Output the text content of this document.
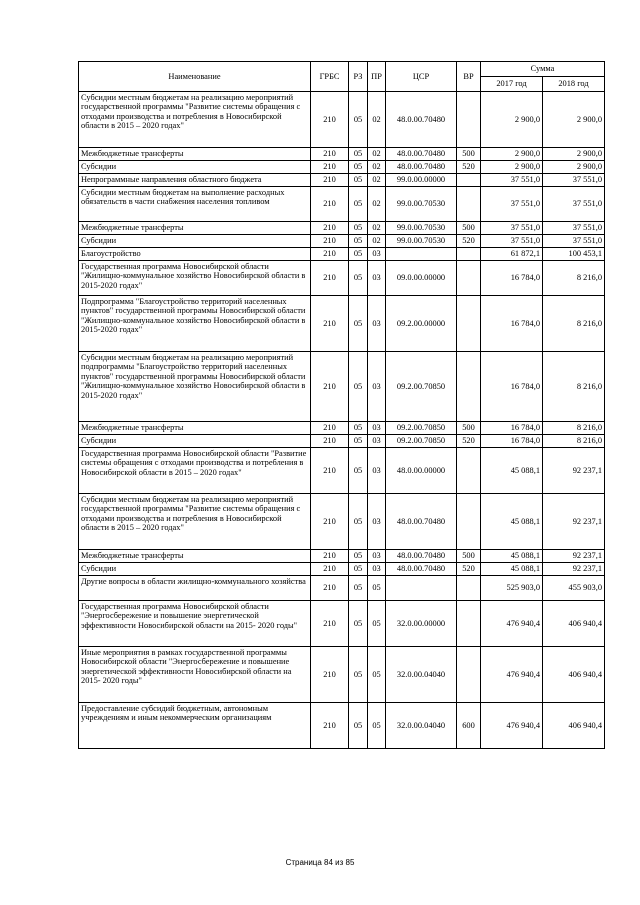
Наименование	ГРБС	РЗ	ПР	ЦСР	ВР	Сумма	
						2017 год	2018 год
Субсидии местным бюджетам на реализацию мероприятий государственной программы "Развитие системы обращения с отходами производства и потребления в Новосибирской области в 2015 – 2020 годах"	210	05	02	48.0.00.70480		2 900,0	2 900,0
Межбюджетные трансферты	210	05	02	48.0.00.70480	500	2 900,0	2 900,0
Субсидии	210	05	02	48.0.00.70480	520	2 900,0	2 900,0
Непрограммные направления областного бюджета	210	05	02	99.0.00.00000		37 551,0	37 551,0
Субсидии местным бюджетам на выполнение расходных обязательств в части снабжения населения топливом	210	05	02	99.0.00.70530		37 551,0	37 551,0
Межбюджетные трансферты	210	05	02	99.0.00.70530	500	37 551,0	37 551,0
Субсидии	210	05	02	99.0.00.70530	520	37 551,0	37 551,0
Благоустройство	210	05	03			61 872,1	100 453,1
Государственная программа Новосибирской области "Жилищно-коммунальное хозяйство Новосибирской области в 2015-2020 годах"	210	05	03	09.0.00.00000		16 784,0	8 216,0
Подпрограмма "Благоустройство территорий населенных пунктов" государственной программы Новосибирской области "Жилищно-коммунальное хозяйство Новосибирской области в 2015-2020 годах"	210	05	03	09.2.00.00000		16 784,0	8 216,0
Субсидии местным бюджетам на реализацию мероприятий подпрограммы "Благоустройство территорий населенных пунктов" государственной программы Новосибирской области "Жилищно-коммунальное хозяйство Новосибирской области в 2015-2020 годах"	210	05	03	09.2.00.70850		16 784,0	8 216,0
Межбюджетные трансферты	210	05	03	09.2.00.70850	500	16 784,0	8 216,0
Субсидии	210	05	03	09.2.00.70850	520	16 784,0	8 216,0
Государственная программа Новосибирской области "Развитие системы обращения с отходами производства и потребления в Новосибирской области в 2015 – 2020 годах"	210	05	03	48.0.00.00000		45 088,1	92 237,1
Субсидии местным бюджетам на реализацию мероприятий государственной программы "Развитие системы обращения с отходами производства и потребления в Новосибирской области в 2015 – 2020 годах"	210	05	03	48.0.00.70480		45 088,1	92 237,1
Межбюджетные трансферты	210	05	03	48.0.00.70480	500	45 088,1	92 237,1
Субсидии	210	05	03	48.0.00.70480	520	45 088,1	92 237,1
Другие вопросы в области жилищно-коммунального хозяйства	210	05	05			525 903,0	455 903,0
Государственная программа Новосибирской области "Энергосбережение и повышение энергетической эффективности Новосибирской области на 2015- 2020 годы"	210	05	05	32.0.00.00000		476 940,4	406 940,4
Иные мероприятия в рамках государственной программы Новосибирской области "Энергосбережение и повышение энергетической эффективности Новосибирской области на 2015- 2020 годы"	210	05	05	32.0.00.04040		476 940,4	406 940,4
Предоставление субсидий бюджетным, автономным учреждениям и иным некоммерческим организациям	210	05	05	32.0.00.04040	600	476 940,4	406 940,4
Страница 84 из 85
